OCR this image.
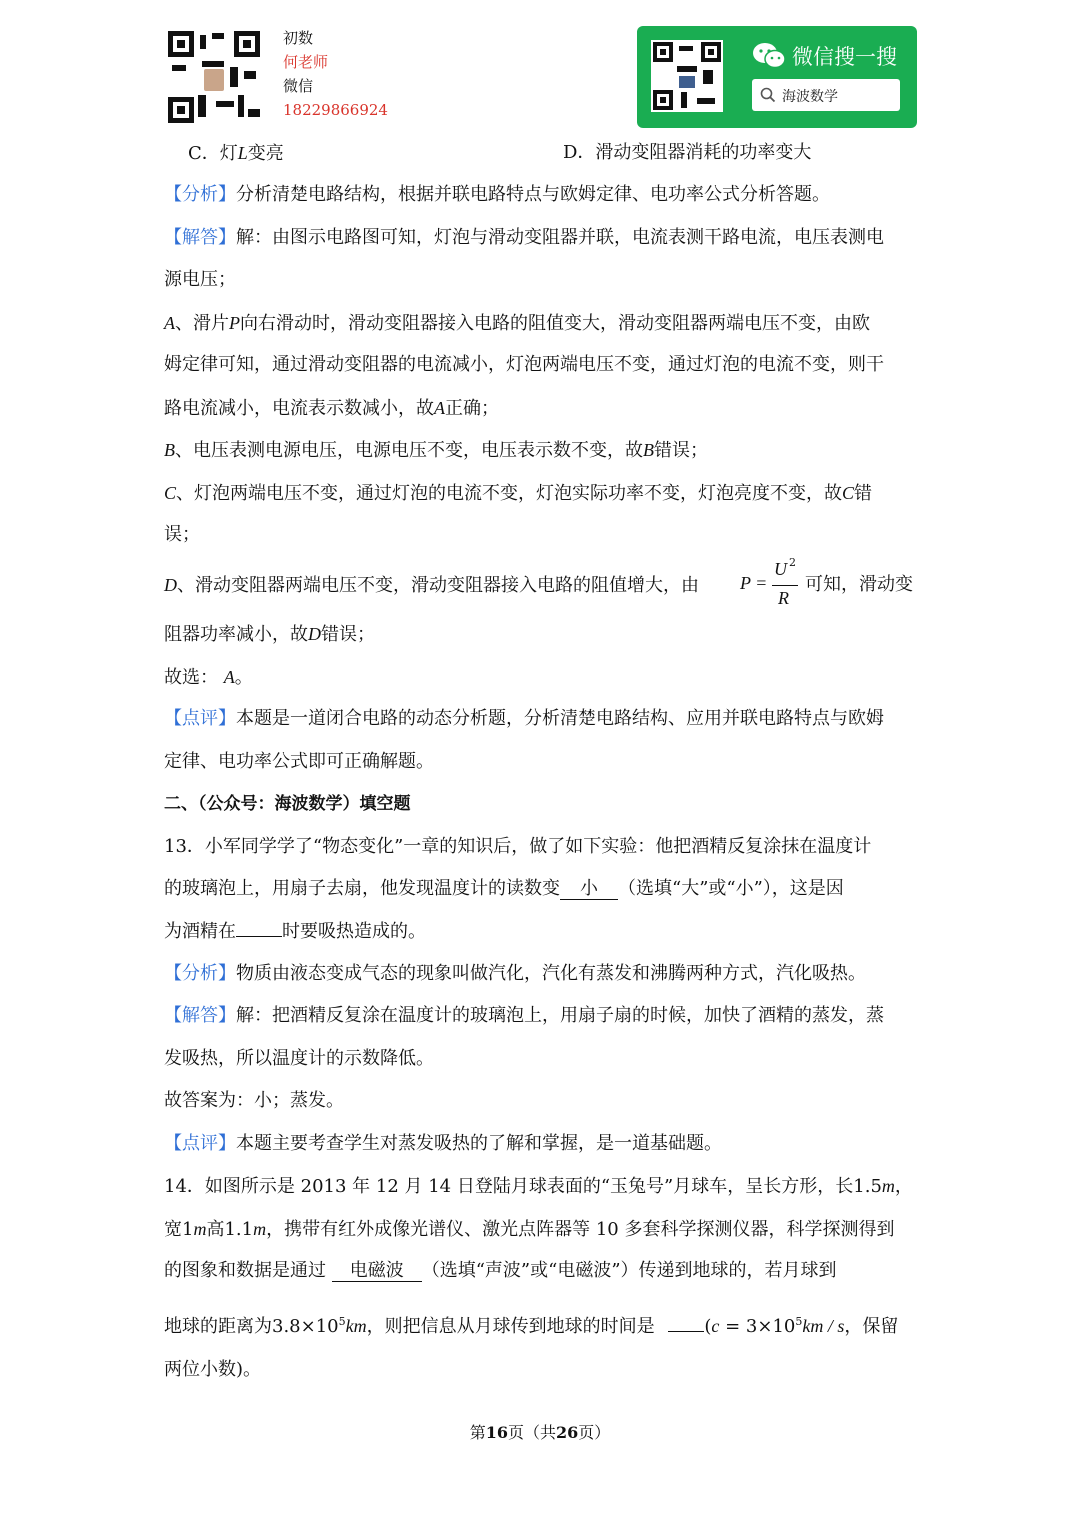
初数
何老师
微信
18229866924
微信搜一搜
海波数学
C．灯L变亮	D．滑动变阻器消耗的功率变大
【分析】分析清楚电路结构，根据并联电路特点与欧姆定律、电功率公式分析答题。
【解答】解：由图示电路图可知，灯泡与滑动变阻器并联，电流表测干路电流，电压表测电
源电压；
A、滑片P向右滑动时，滑动变阻器接入电路的阻值变大，滑动变阻器两端电压不变，由欧
姆定律可知，通过滑动变阻器的电流减小，灯泡两端电压不变，通过灯泡的电流不变，则干
路电流减小，电流表示数减小，故A正确；
B、电压表测电源电压，电源电压不变，电压表示数不变，故B错误；
C、灯泡两端电压不变，通过灯泡的电流不变，灯泡实际功率不变，灯泡亮度不变，故C错
误；
D、滑动变阻器两端电压不变，滑动变阻器接入电路的阻值增大，由 P =
U 2
R
可知，滑动变
阻器功率减小，故D错误；
故选： A。
【点评】本题是一道闭合电路的动态分析题，分析清楚电路结构、应用并联电路特点与欧姆
定律、电功率公式即可正确解题。
二、（公众号：海波数学）填空题
13．小军同学学了“物态变化”一章的知识后，做了如下实验：他把酒精反复涂抹在温度计
的玻璃泡上，用扇子去扇，他发现温度计的读数变 小 （选填“大”或“小”），这是因
为酒精在	时要吸热造成的。
【分析】物质由液态变成气态的现象叫做汽化，汽化有蒸发和沸腾两种方式，汽化吸热。
【解答】解：把酒精反复涂在温度计的玻璃泡上，用扇子扇的时候，加快了酒精的蒸发，蒸
发吸热，所以温度计的示数降低。
故答案为：小；蒸发。
【点评】本题主要考查学生对蒸发吸热的了解和掌握，是一道基础题。
14．如图所示是 2013 年 12 月 14 日登陆月球表面的“玉兔号”月球车，呈长方形，长1.5m，
宽1m高1.1m，携带有红外成像光谱仪、激光点阵器等 10 多套科学探测仪器，科学探测得到
的图象和数据是通过 电磁波 （选填“声波”或“电磁波”）传递到地球的，若月球到
地球的距离为$3.8\times 10^5km$，则把信息从月球传到地球的时间是	($c = 3\times 10^5km / s$，保留
两位小数)。
第16页（共26页）
